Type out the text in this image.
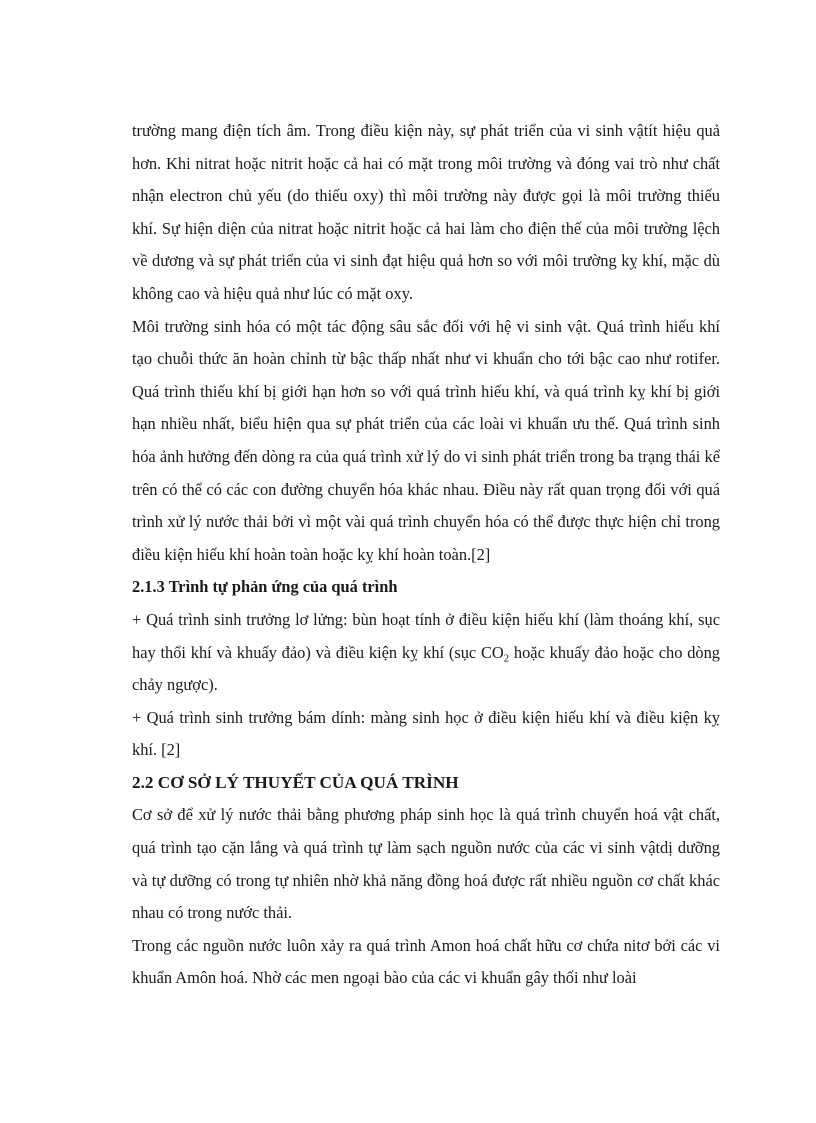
trường mang điện tích âm. Trong điều kiện này, sự phát triển của vi sinh vậtít hiệu quả hơn. Khi nitrat hoặc nitrit hoặc cả hai có mặt trong môi trường và đóng vai trò như chất nhận electron chủ yếu (do thiếu oxy) thì môi trường này được gọi là môi trường thiếu khí. Sự hiện diện của nitrat hoặc nitrit hoặc cả hai làm cho điện thế của môi trường lệch về dương và sự phát triển của vi sinh đạt hiệu quả hơn so với môi trường kỵ khí, mặc dù không cao và hiệu quả như lúc có mặt oxy.

Môi trường sinh hóa có một tác động sâu sắc đối với hệ vi sinh vật. Quá trình hiếu khí tạo chuỗi thức ăn hoàn chỉnh từ bậc thấp nhất như vi khuẩn cho tới bậc cao như rotifer. Quá trình thiếu khí bị giới hạn hơn so với quá trình hiếu khí, và quá trình kỵ khí bị giới hạn nhiều nhất, biểu hiện qua sự phát triển của các loài vi khuẩn ưu thế. Quá trình sinh hóa ảnh hưởng đến dòng ra của quá trình xử lý do vi sinh phát triển trong ba trạng thái kể trên có thể có các con đường chuyển hóa khác nhau. Điều này rất quan trọng đối với quá trình xử lý nước thải bởi vì một vài quá trình chuyển hóa có thể được thực hiện chỉ trong điều kiện hiếu khí hoàn toàn hoặc kỵ khí hoàn toàn.[2]

2.1.3 Trình tự phản ứng của quá trình

+ Quá trình sinh trưởng lơ lửng: bùn hoạt tính ở điều kiện hiếu khí (làm thoáng khí, sục hay thổi khí và khuấy đảo) và điều kiện kỵ khí (sục $CO_2$ hoặc khuấy đảo hoặc cho dòng chảy ngược).

+ Quá trình sinh trưởng bám dính: màng sinh học ở điều kiện hiếu khí và điều kiện kỵ khí. [2]

2.2 CƠ SỞ LÝ THUYẾT CỦA QUÁ TRÌNH

Cơ sở để xử lý nước thải bằng phương pháp sinh học là quá trình chuyển hoá vật chất, quá trình tạo cặn lắng và quá trình tự làm sạch nguồn nước của các vi sinh vậtdị dưỡng và tự dưỡng có trong tự nhiên nhờ khả năng đồng hoá được rất nhiều nguồn cơ chất khác nhau có trong nước thải.

Trong các nguồn nước luôn xảy ra quá trình Amon hoá chất hữu cơ chứa nitơ bởi các vi khuẩn Amôn hoá. Nhờ các men ngoại bào của các vi khuẩn gây thối như loài
